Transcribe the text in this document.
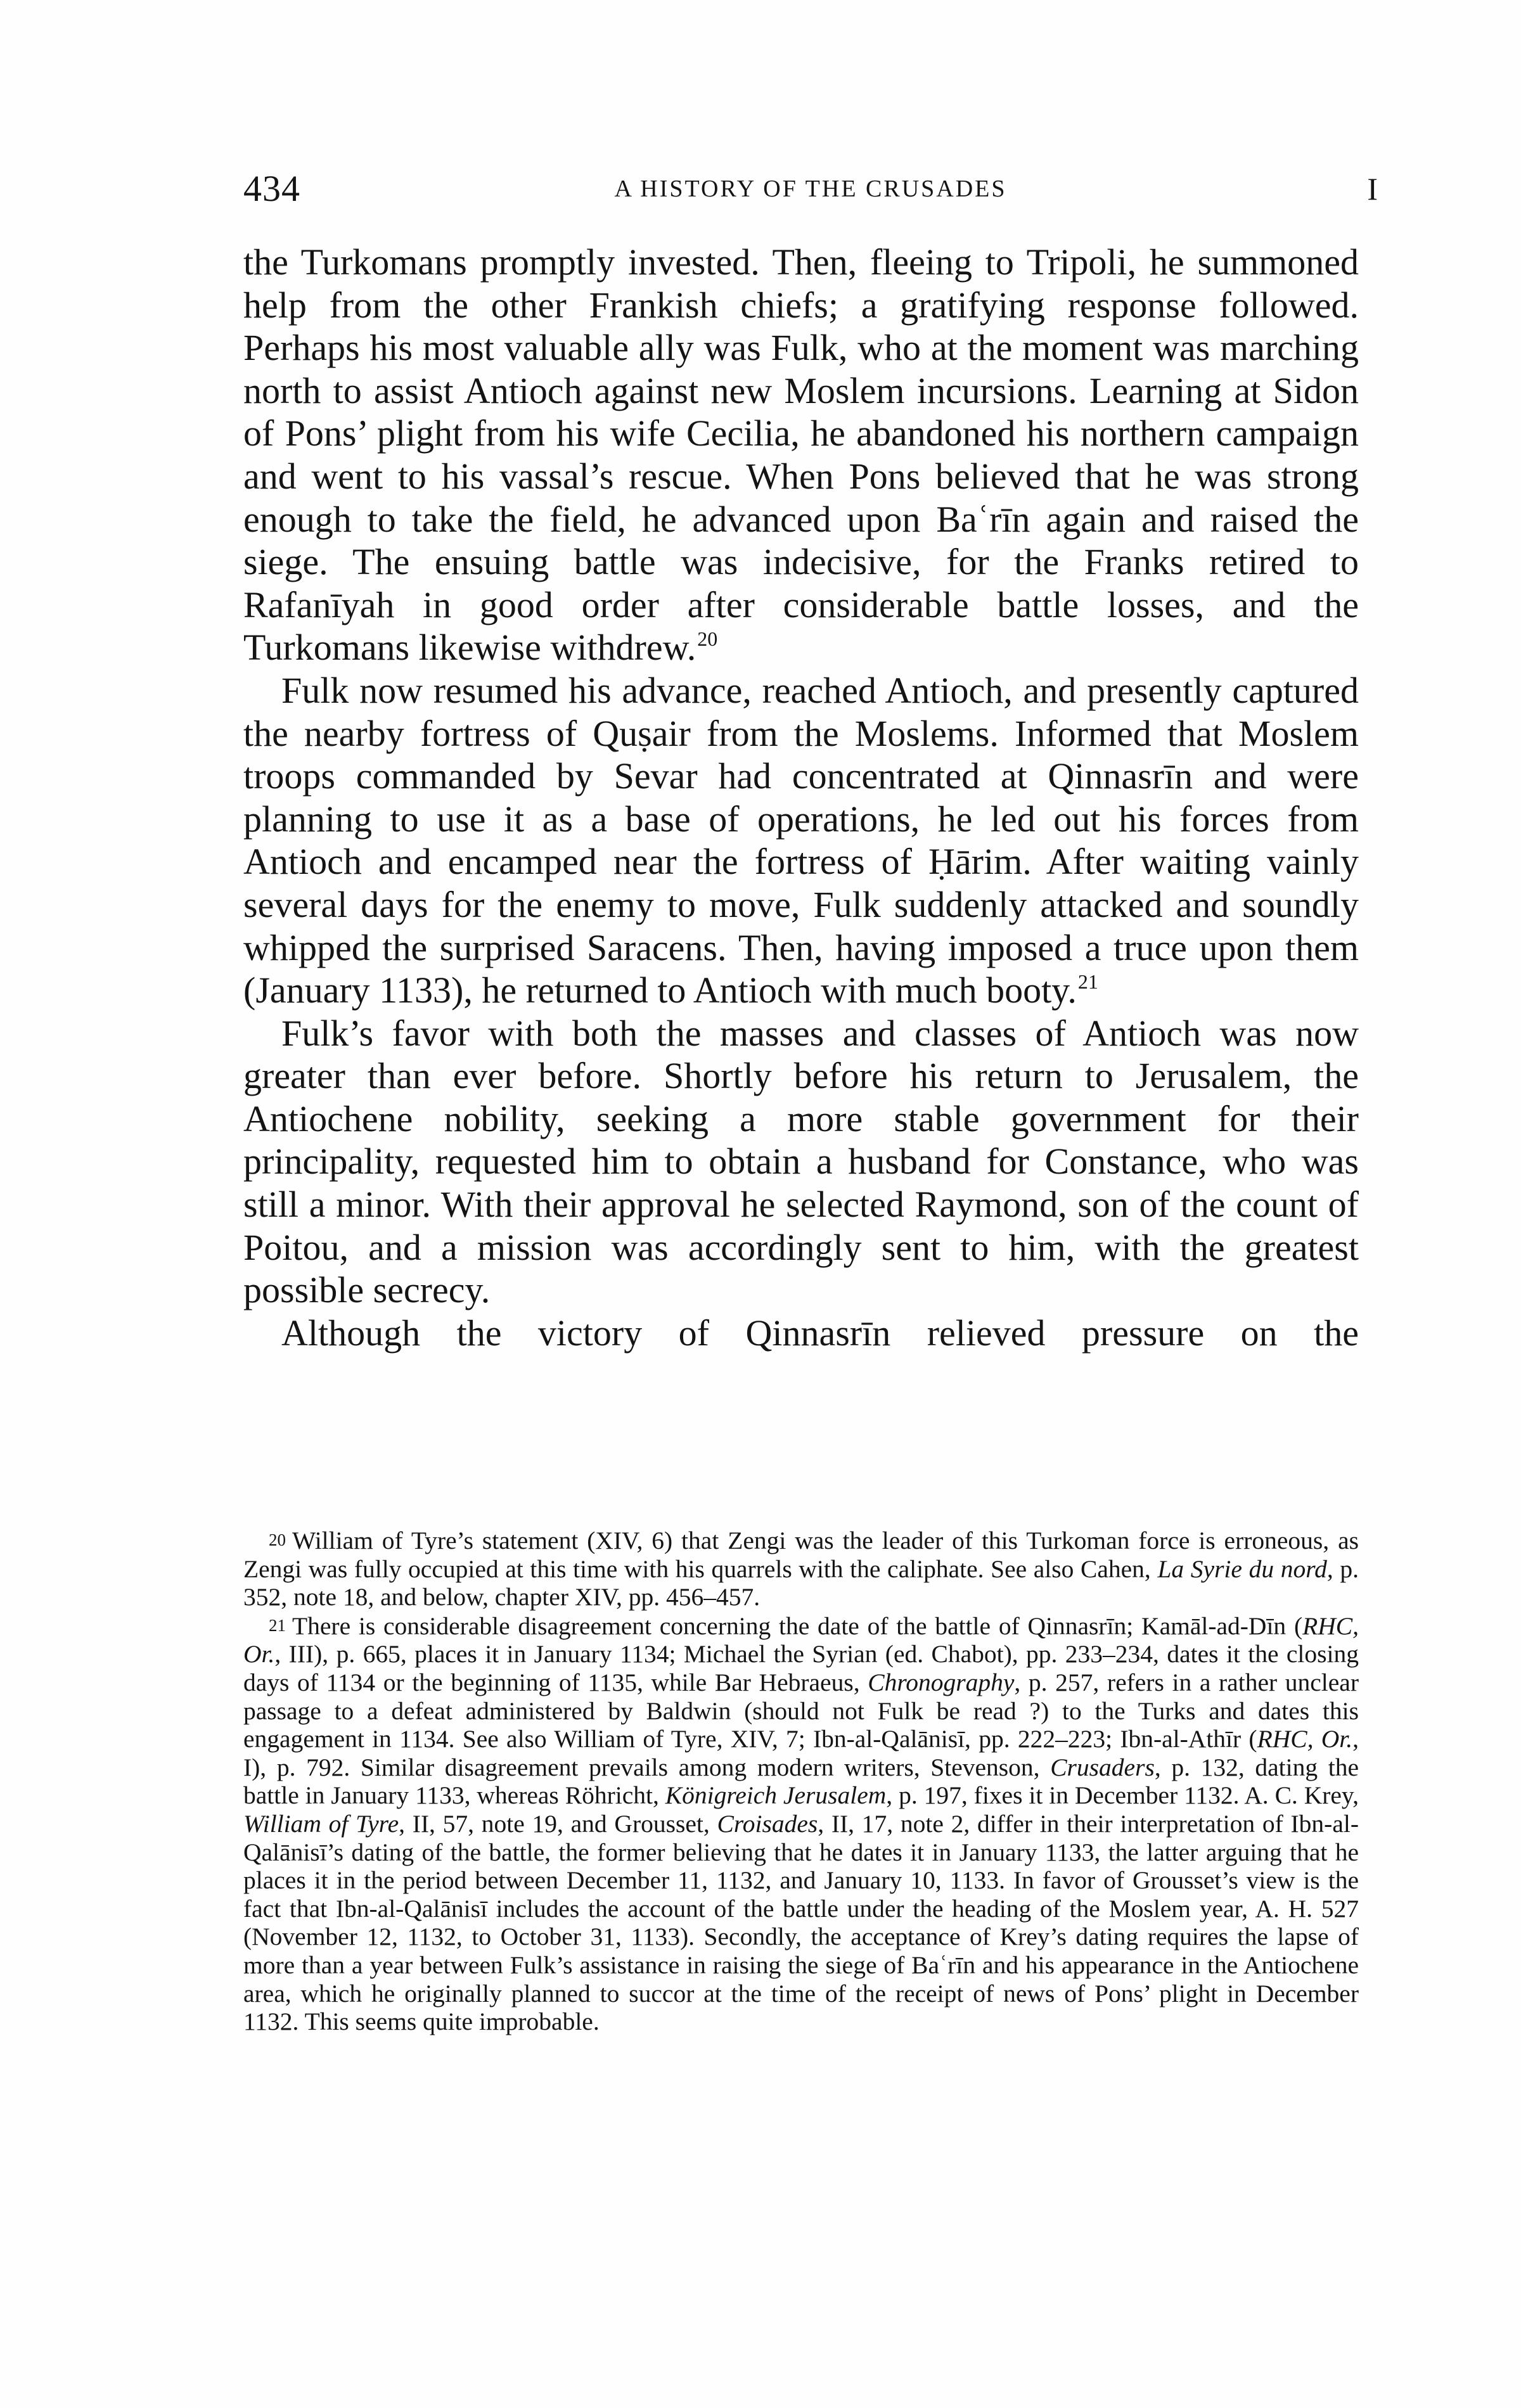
434	A HISTORY OF THE CRUSADES	I

the Turkomans promptly invested. Then, fleeing to Tripoli, he summoned help from the other Frankish chiefs; a gratifying response followed. Perhaps his most valuable ally was Fulk, who at the moment was marching north to assist Antioch against new Moslem incursions. Learning at Sidon of Pons’ plight from his wife Cecilia, he abandoned his northern campaign and went to his vassal’s rescue. When Pons believed that he was strong enough to take the field, he advanced upon Baʿrīn again and raised the siege. The ensuing battle was indecisive, for the Franks retired to Rafanīyah in good order after considerable battle losses, and the Turkomans likewise withdrew.$^{20}$

Fulk now resumed his advance, reached Antioch, and presently captured the nearby fortress of Quṣair from the Moslems. Informed that Moslem troops commanded by Sevar had concentrated at Qinnasrīn and were planning to use it as a base of operations, he led out his forces from Antioch and encamped near the fortress of Ḥārim. After waiting vainly several days for the enemy to move, Fulk suddenly attacked and soundly whipped the surprised Saracens. Then, having imposed a truce upon them (January 1133), he returned to Antioch with much booty.$^{21}$

Fulk’s favor with both the masses and classes of Antioch was now greater than ever before. Shortly before his return to Jerusalem, the Antiochene nobility, seeking a more stable government for their principality, requested him to obtain a husband for Constance, who was still a minor. With their approval he selected Raymond, son of the count of Poitou, and a mission was accordingly sent to him, with the greatest possible secrecy.

Although the victory of Qinnasrīn relieved pressure on the

20 William of Tyre’s statement (XIV, 6) that Zengi was the leader of this Turkoman force is erroneous, as Zengi was fully occupied at this time with his quarrels with the caliphate. See also Cahen, La Syrie du nord, p. 352, note 18, and below, chapter XIV, pp. 456–457.

21 There is considerable disagreement concerning the date of the battle of Qinnasrīn; Kamāl-ad-Dīn (RHC, Or., III), p. 665, places it in January 1134; Michael the Syrian (ed. Chabot), pp. 233–234, dates it the closing days of 1134 or the beginning of 1135, while Bar Hebraeus, Chronography, p. 257, refers in a rather unclear passage to a defeat administered by Baldwin (should not Fulk be read ?) to the Turks and dates this engagement in 1134. See also William of Tyre, XIV, 7; Ibn-al-Qalānisī, pp. 222–223; Ibn-al-Athīr (RHC, Or., I), p. 792. Similar disagreement prevails among modern writers, Stevenson, Crusaders, p. 132, dating the battle in January 1133, whereas Röhricht, Königreich Jerusalem, p. 197, fixes it in December 1132. A. C. Krey, William of Tyre, II, 57, note 19, and Grousset, Croisades, II, 17, note 2, differ in their interpretation of Ibn-al-Qalānisī’s dating of the battle, the former believing that he dates it in January 1133, the latter arguing that he places it in the period between December 11, 1132, and January 10, 1133. In favor of Grousset’s view is the fact that Ibn-al-Qalānisī includes the account of the battle under the heading of the Moslem year, A. H. 527 (November 12, 1132, to October 31, 1133). Secondly, the acceptance of Krey’s dating requires the lapse of more than a year between Fulk’s assistance in raising the siege of Baʿrīn and his appearance in the Antiochene area, which he originally planned to succor at the time of the receipt of news of Pons’ plight in December 1132. This seems quite improbable.
